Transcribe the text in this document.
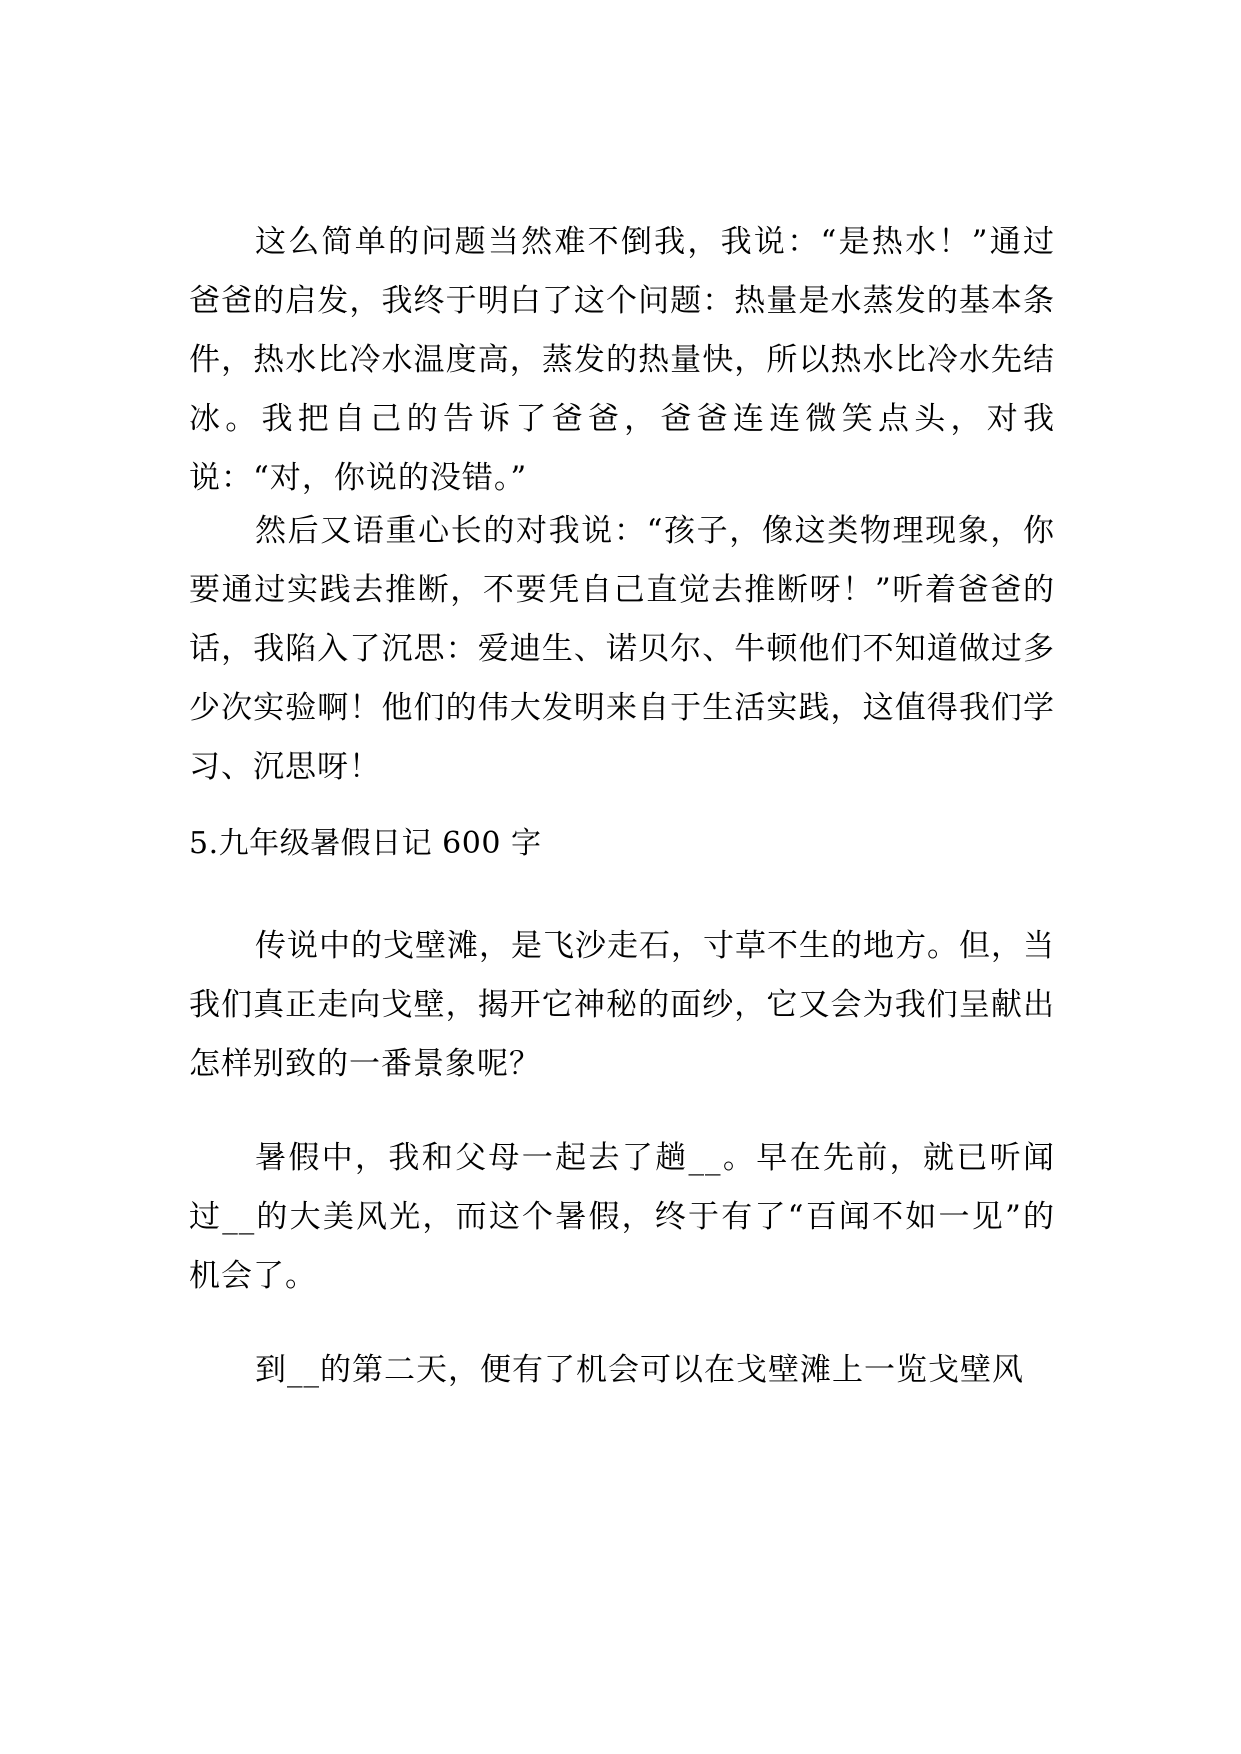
这么简单的问题当然难不倒我，我说：“是热水！”通过爸爸的启发，我终于明白了这个问题：热量是水蒸发的基本条件，热水比冷水温度高，蒸发的热量快，所以热水比冷水先结冰。我把自己的告诉了爸爸，爸爸连连微笑点头，对我说：“对，你说的没错。”

然后又语重心长的对我说：“孩子，像这类物理现象，你要通过实践去推断，不要凭自己直觉去推断呀！”听着爸爸的话，我陷入了沉思：爱迪生、诺贝尔、牛顿他们不知道做过多少次实验啊！他们的伟大发明来自于生活实践，这值得我们学习、沉思呀！

5.九年级暑假日记 600 字

传说中的戈壁滩，是飞沙走石，寸草不生的地方。但，当我们真正走向戈壁，揭开它神秘的面纱，它又会为我们呈献出怎样别致的一番景象呢？

暑假中，我和父母一起去了趟__。早在先前，就已听闻过__的大美风光，而这个暑假，终于有了“百闻不如一见”的机会了。

到__的第二天，便有了机会可以在戈壁滩上一览戈壁风
